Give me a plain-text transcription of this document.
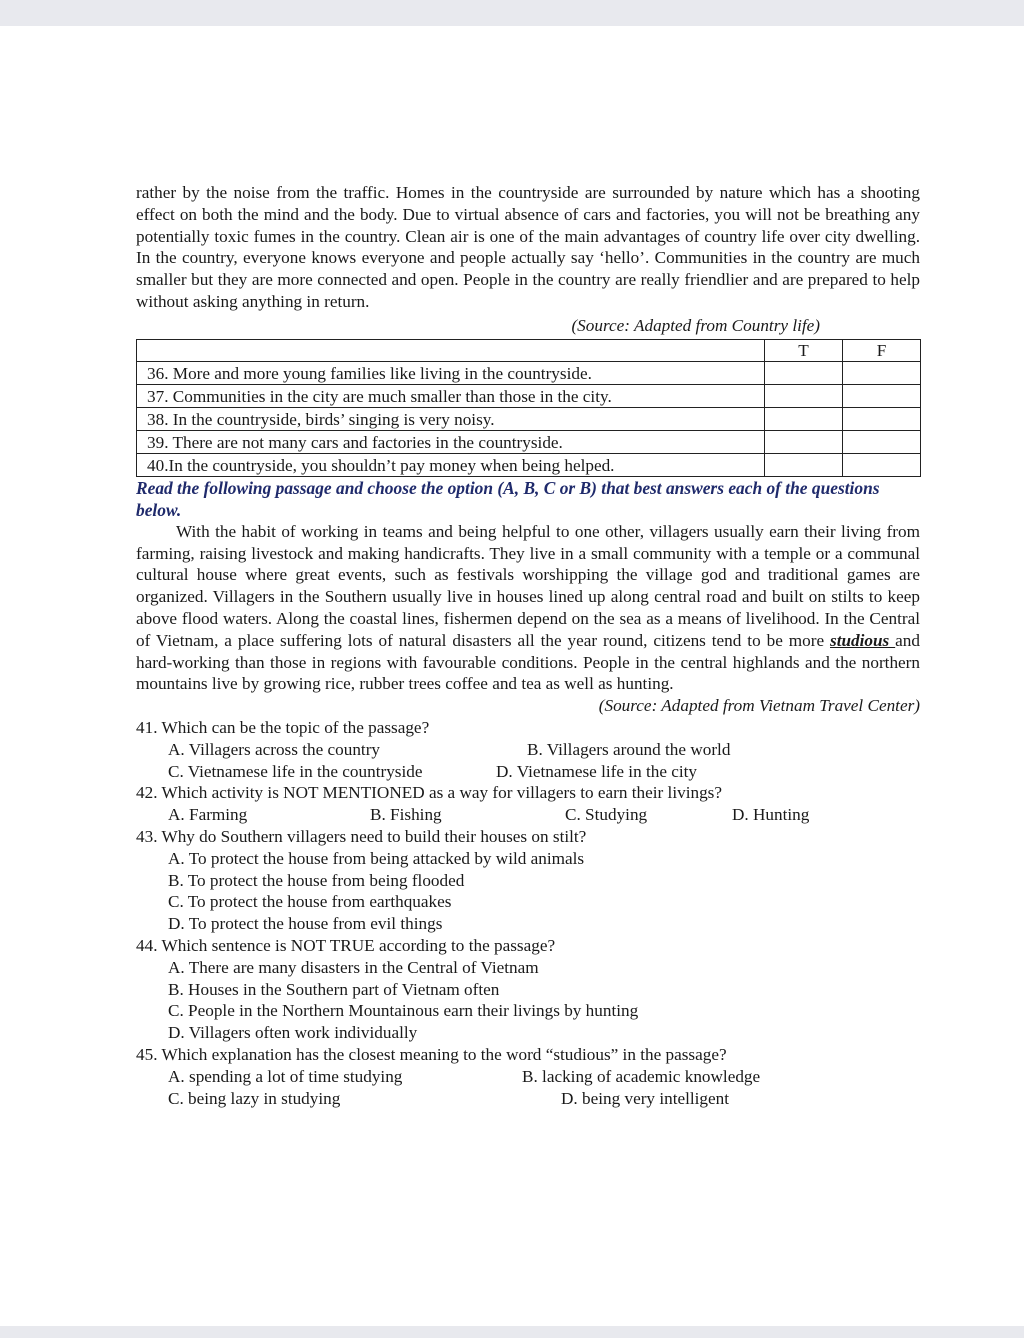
rather by the noise from the traffic. Homes in the countryside are surrounded by nature which has a shooting effect on both the mind and the body. Due to virtual absence of cars and factories, you will not be breathing any potentially toxic fumes in the country. Clean air is one of the main advantages of country life over city dwelling. In the country, everyone knows everyone and people actually say ‘hello’. Communities in the country are much smaller but they are more connected and open. People in the country are really friendlier and are prepared to help without asking anything in return.

(Source: Adapted from Country life)

	T	F
36. More and more young families like living in the countryside.		
37. Communities in the city are much smaller than those in the city.		
38. In the countryside, birds’ singing is very noisy.		
39. There are not many cars and factories in the countryside.		
40.In the countryside, you shouldn’t pay money when being helped.		

Read the following passage and choose the option (A, B, C or B) that best answers each of the questions below.

With the habit of working in teams and being helpful to one other, villagers usually earn their living from farming, raising livestock and making handicrafts. They live in a small community with a temple or a communal cultural house where great events, such as festivals worshipping the village god and traditional games are organized. Villagers in the Southern usually live in houses lined up along central road and built on stilts to keep above flood waters. Along the coastal lines, fishermen depend on the sea as a means of livelihood. In the Central of Vietnam, a place suffering lots of natural disasters all the year round, citizens tend to be more studious and hard-working than those in regions with favourable conditions. People in the central highlands and the northern mountains live by growing rice, rubber trees coffee and tea as well as hunting.

(Source: Adapted from Vietnam Travel Center)

41. Which can be the topic of the passage?

A. Villagers across the country	B. Villagers around the world
C. Vietnamese life in the countryside	D. Vietnamese life in the city

42. Which activity is NOT MENTIONED as a way for villagers to earn their livings?

A. Farming	B. Fishing	C. Studying	D. Hunting

43. Why do Southern villagers need to build their houses on stilt?

A. To protect the house from being attacked by wild animals

B. To protect the house from being flooded

C. To protect the house from earthquakes

D. To protect the house from evil things

44. Which sentence is NOT TRUE according to the passage?

A. There are many disasters in the Central of Vietnam

B. Houses in the Southern part of Vietnam often

C. People in the Northern Mountainous earn their livings by hunting

D. Villagers often work individually

45. Which explanation has the closest meaning to the word “studious” in the passage?

A. spending a lot of time studying	B. lacking of academic knowledge
C. being lazy in studying	D. being very intelligent
